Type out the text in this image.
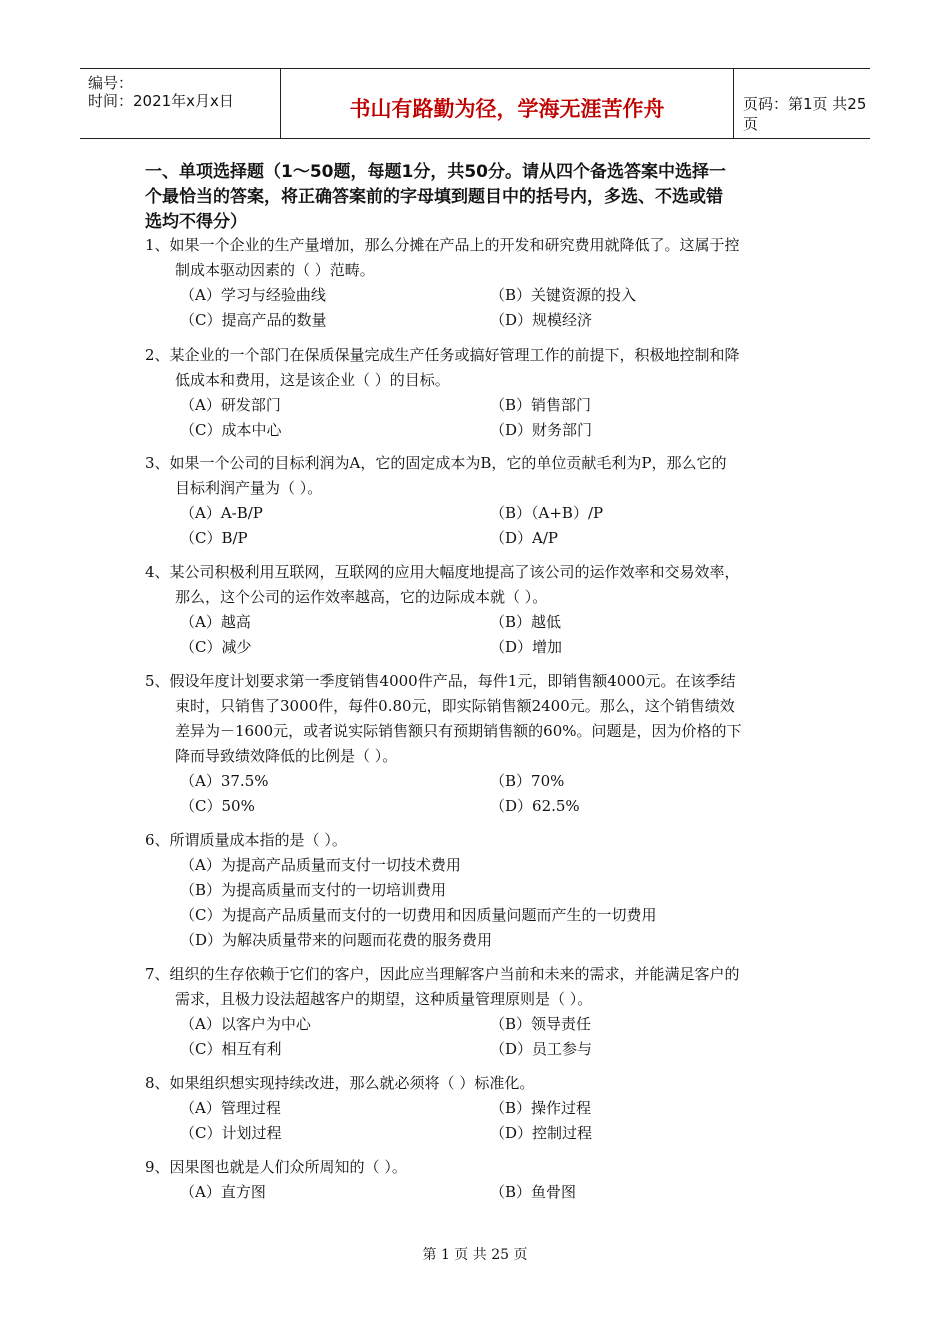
编号：
时间：2021年x月x日	书山有路勤为径，学海无涯苦作舟	页码：第1页 共25页
一、单项选择题（1～50题，每题1分，共50分。请从四个备选答案中选择一
个最恰当的答案，将正确答案前的字母填到题目中的括号内，多选、不选或错
选均不得分）
1、如果一个企业的生产量增加，那么分摊在产品上的开发和研究费用就降低了。这属于控
制成本驱动因素的（ ）范畴。
（A）学习与经验曲线	（B）关键资源的投入
（C）提高产品的数量	（D）规模经济
2、某企业的一个部门在保质保量完成生产任务或搞好管理工作的前提下，积极地控制和降
低成本和费用，这是该企业（ ）的目标。
（A）研发部门	（B）销售部门
（C）成本中心	（D）财务部门
3、如果一个公司的目标利润为A，它的固定成本为B，它的单位贡献毛利为P，那么它的
目标利润产量为（ ）。
（A）A-B/P	（B）（A+B）/P
（C）B/P	（D）A/P
4、某公司积极利用互联网，互联网的应用大幅度地提高了该公司的运作效率和交易效率，
那么，这个公司的运作效率越高，它的边际成本就（ ）。
（A）越高	（B）越低
（C）减少	（D）增加
5、假设年度计划要求第一季度销售4000件产品，每件1元，即销售额4000元。在该季结
束时，只销售了3000件，每件0.80元，即实际销售额2400元。那么，这个销售绩效
差异为－1600元，或者说实际销售额只有预期销售额的60%。问题是，因为价格的下
降而导致绩效降低的比例是（ ）。
（A）37.5%	（B）70%
（C）50%	（D）62.5%
6、所谓质量成本指的是（ ）。
（A）为提高产品质量而支付一切技术费用
（B）为提高质量而支付的一切培训费用
（C）为提高产品质量而支付的一切费用和因质量问题而产生的一切费用
（D）为解决质量带来的问题而花费的服务费用
7、组织的生存依赖于它们的客户，因此应当理解客户当前和未来的需求，并能满足客户的
需求，且极力设法超越客户的期望，这种质量管理原则是（ ）。
（A）以客户为中心	（B）领导责任
（C）相互有利	（D）员工参与
8、如果组织想实现持续改进，那么就必须将（ ）标准化。
（A）管理过程	（B）操作过程
（C）计划过程	（D）控制过程
9、因果图也就是人们众所周知的（ ）。
（A）直方图	（B）鱼骨图
第 1 页 共 25 页
